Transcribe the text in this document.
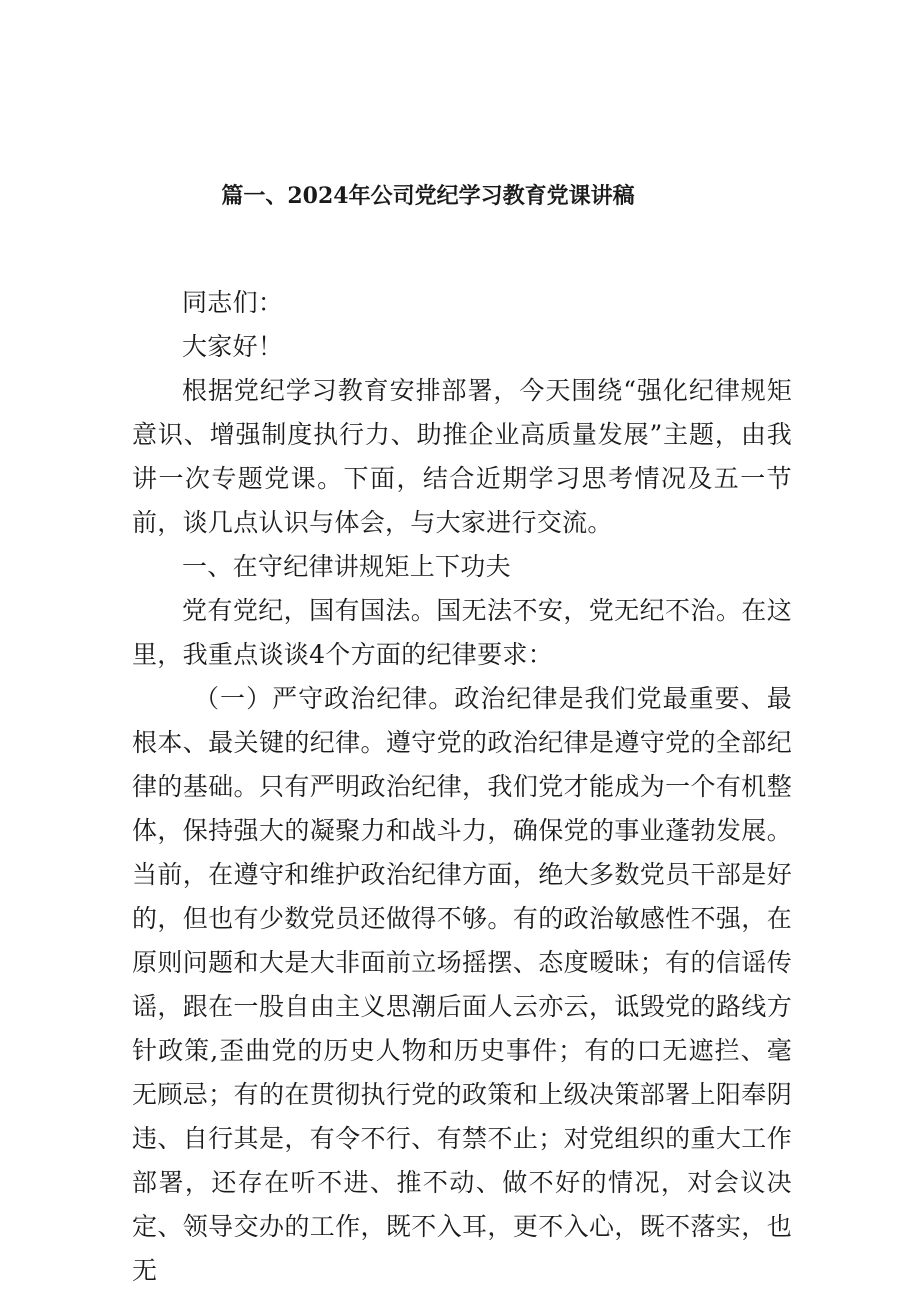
篇一、2024年公司党纪学习教育党课讲稿

同志们：

大家好！

根据党纪学习教育安排部署，今天围绕“强化纪律规矩意识、增强制度执行力、助推企业高质量发展”主题，由我讲一次专题党课。下面，结合近期学习思考情况及五一节前，谈几点认识与体会，与大家进行交流。

一、在守纪律讲规矩上下功夫

党有党纪，国有国法。国无法不安，党无纪不治。在这里，我重点谈谈4个方面的纪律要求：

（一）严守政治纪律。政治纪律是我们党最重要、最根本、最关键的纪律。遵守党的政治纪律是遵守党的全部纪律的基础。只有严明政治纪律，我们党才能成为一个有机整体，保持强大的凝聚力和战斗力，确保党的事业蓬勃发展。当前，在遵守和维护政治纪律方面，绝大多数党员干部是好的，但也有少数党员还做得不够。有的政治敏感性不强，在原则问题和大是大非面前立场摇摆、态度暧昧；有的信谣传谣，跟在一股自由主义思潮后面人云亦云，诋毁党的路线方针政策,歪曲党的历史人物和历史事件；有的口无遮拦、毫无顾忌；有的在贯彻执行党的政策和上级决策部署上阳奉阴违、自行其是，有令不行、有禁不止；对党组织的重大工作部署，还存在听不进、推不动、做不好的情况，对会议决定、领导交办的工作，既不入耳，更不入心，既不落实，也无
